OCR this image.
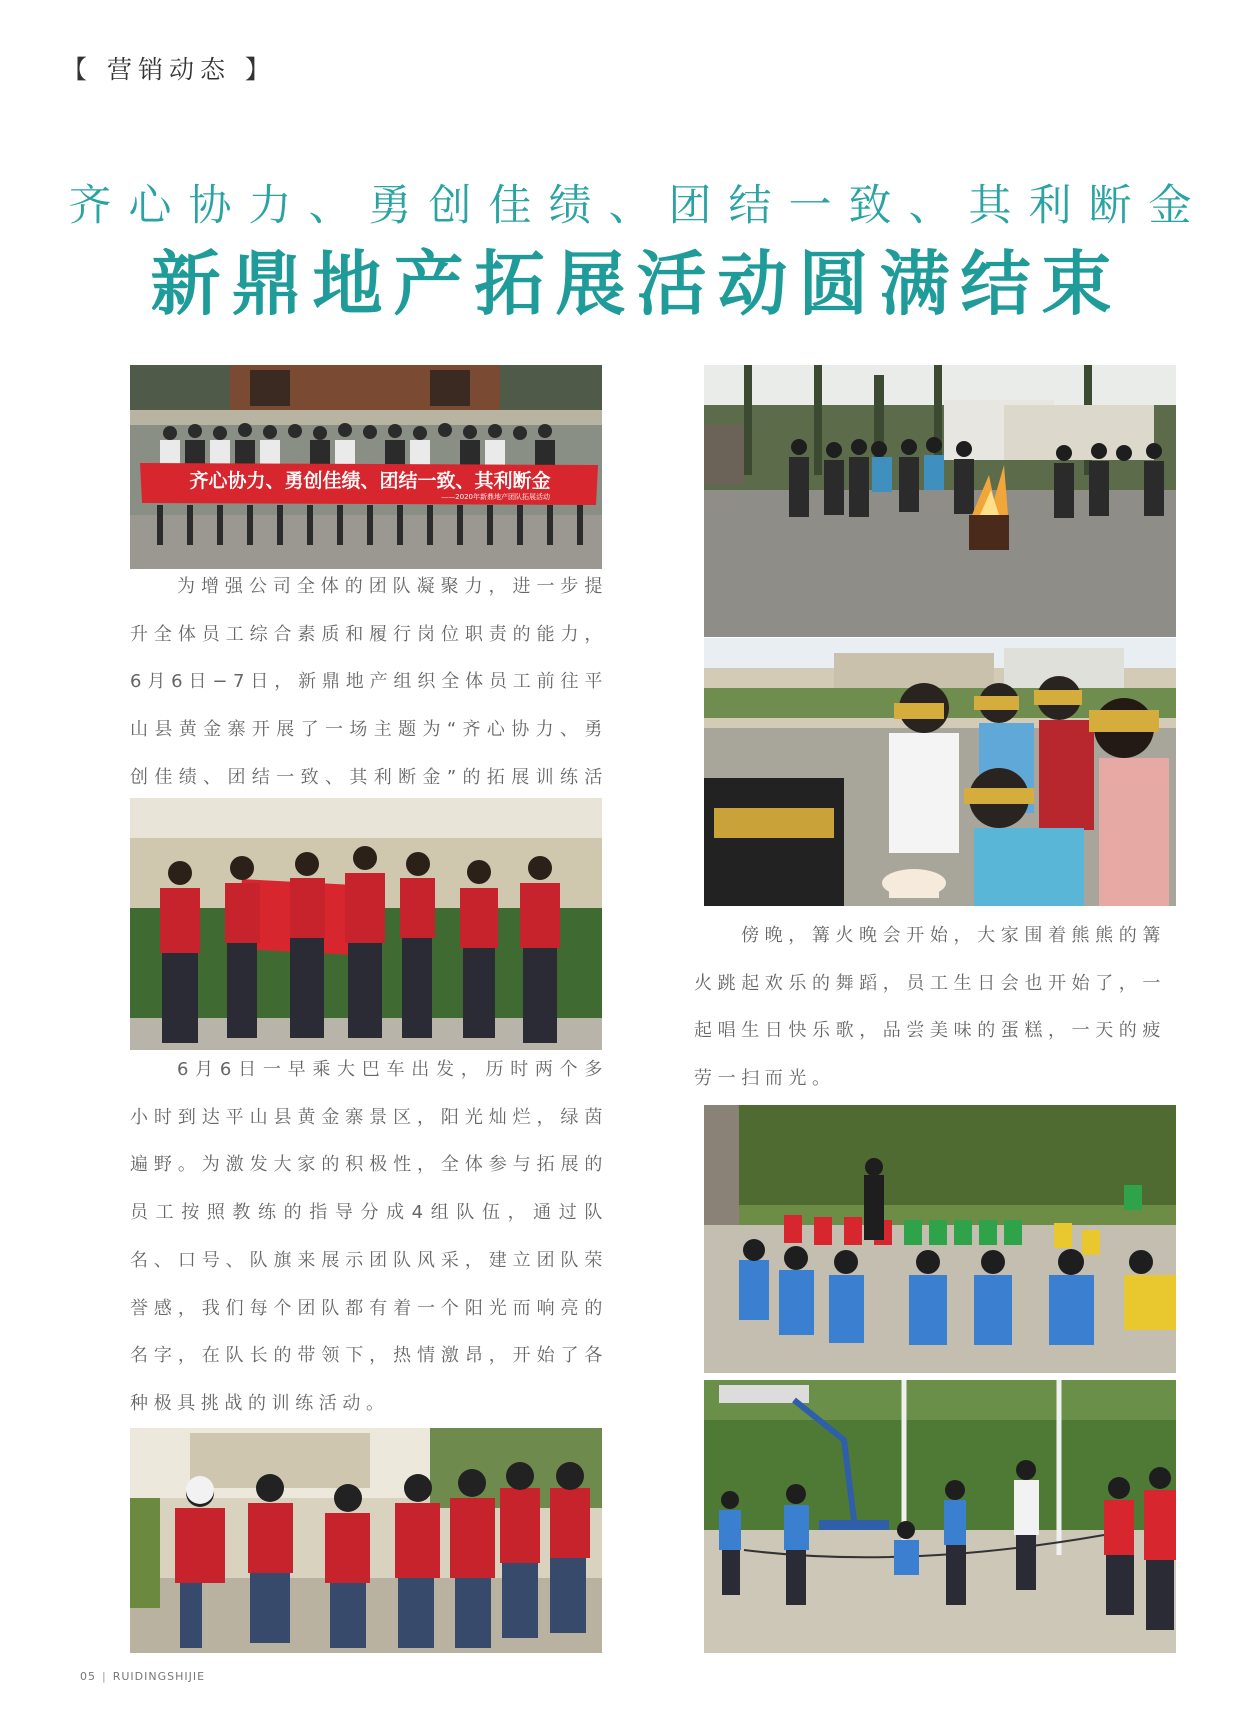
【 营销动态 】
齐心协力、勇创佳绩、团结一致、其利断金
新鼎地产拓展活动圆满结束
齐心协力、勇创佳绩、团结一致、其利断金
——2020年新鼎地产团队拓展活动

为增强公司全体的团队凝聚力，进一步提升全体员工综合素质和履行岗位职责的能力，6月6日−7日，新鼎地产组织全体员工前往平山县黄金寨开展了一场主题为“齐心协力、勇创佳绩、团结一致、其利断金”的拓展训练活

6月6日一早乘大巴车出发，历时两个多小时到达平山县黄金寨景区，阳光灿烂，绿茵遍野。为激发大家的积极性，全体参与拓展的员工按照教练的指导分成4组队伍，通过队名、口号、队旗来展示团队风采，建立团队荣誉感，我们每个团队都有着一个阳光而响亮的名字，在队长的带领下，热情激昂，开始了各种极具挑战的训练活动。

傍晚，篝火晚会开始，大家围着熊熊的篝火跳起欢乐的舞蹈，员工生日会也开始了，一起唱生日快乐歌，品尝美味的蛋糕，一天的疲劳一扫而光。

05 | RUIDINGSHIJIE
